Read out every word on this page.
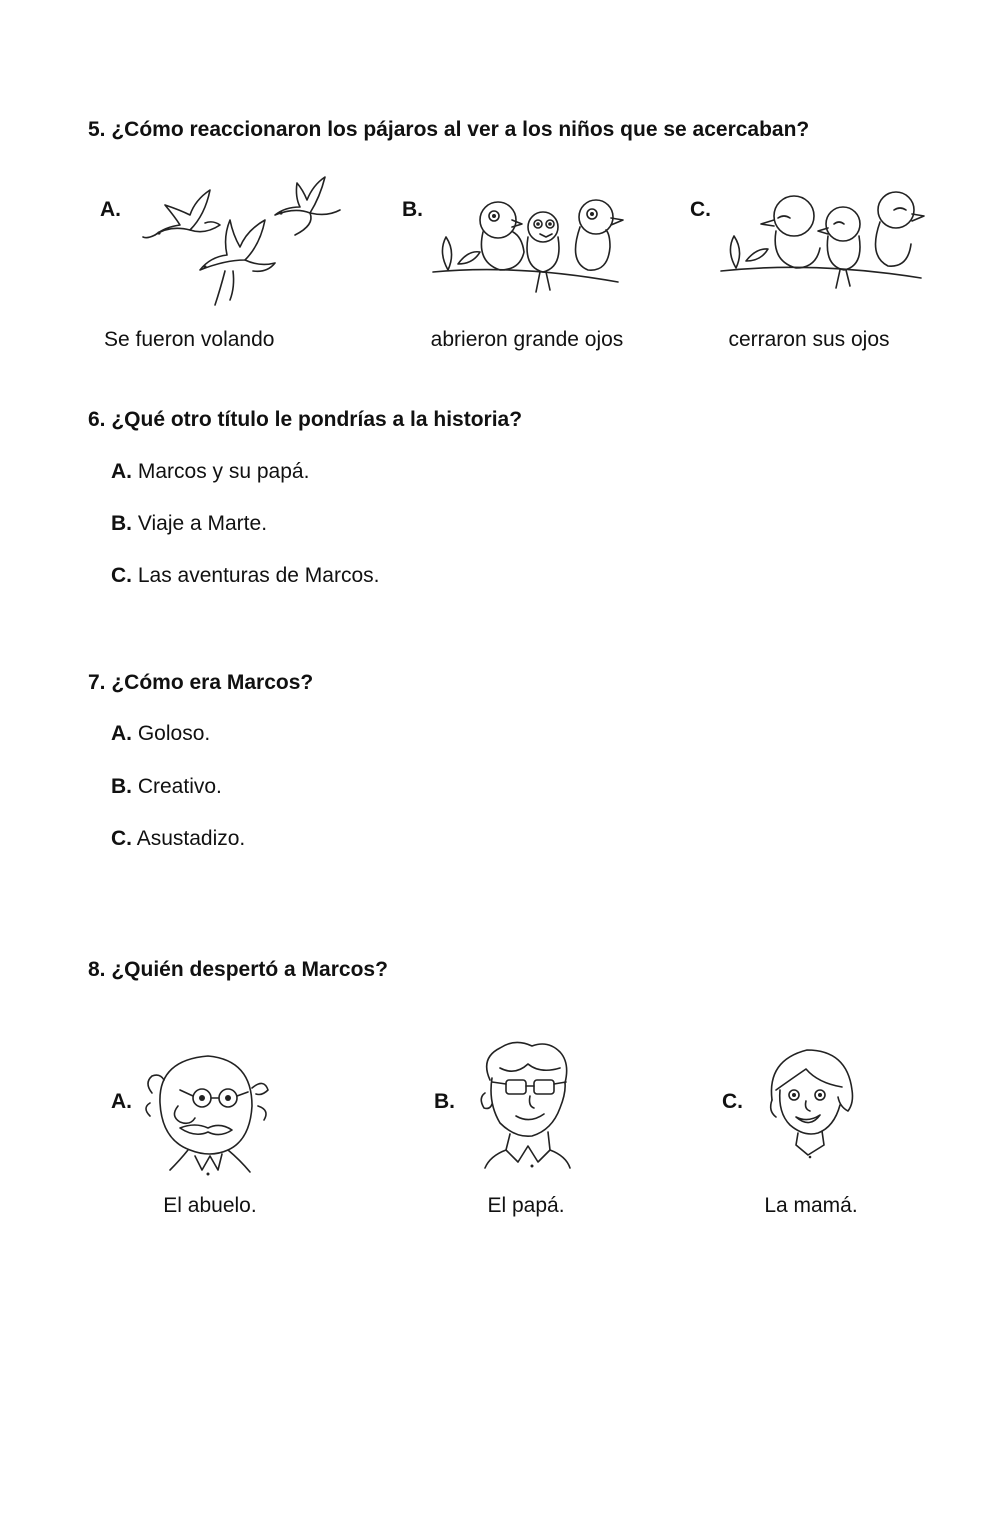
5. ¿Cómo reaccionaron los pájaros al ver a los niños que se acercaban?
A.
Se fueron volando
B.
abrieron grande ojos
C.
cerraron sus ojos
6. ¿Qué otro título le pondrías a la historia?
A. Marcos y su papá.
B. Viaje a Marte.
C. Las aventuras de Marcos.
7. ¿Cómo era Marcos?
A. Goloso.
B. Creativo.
C. Asustadizo.
8. ¿Quién despertó a Marcos?
A.
El abuelo.
B.
El papá.
C.
La mamá.
